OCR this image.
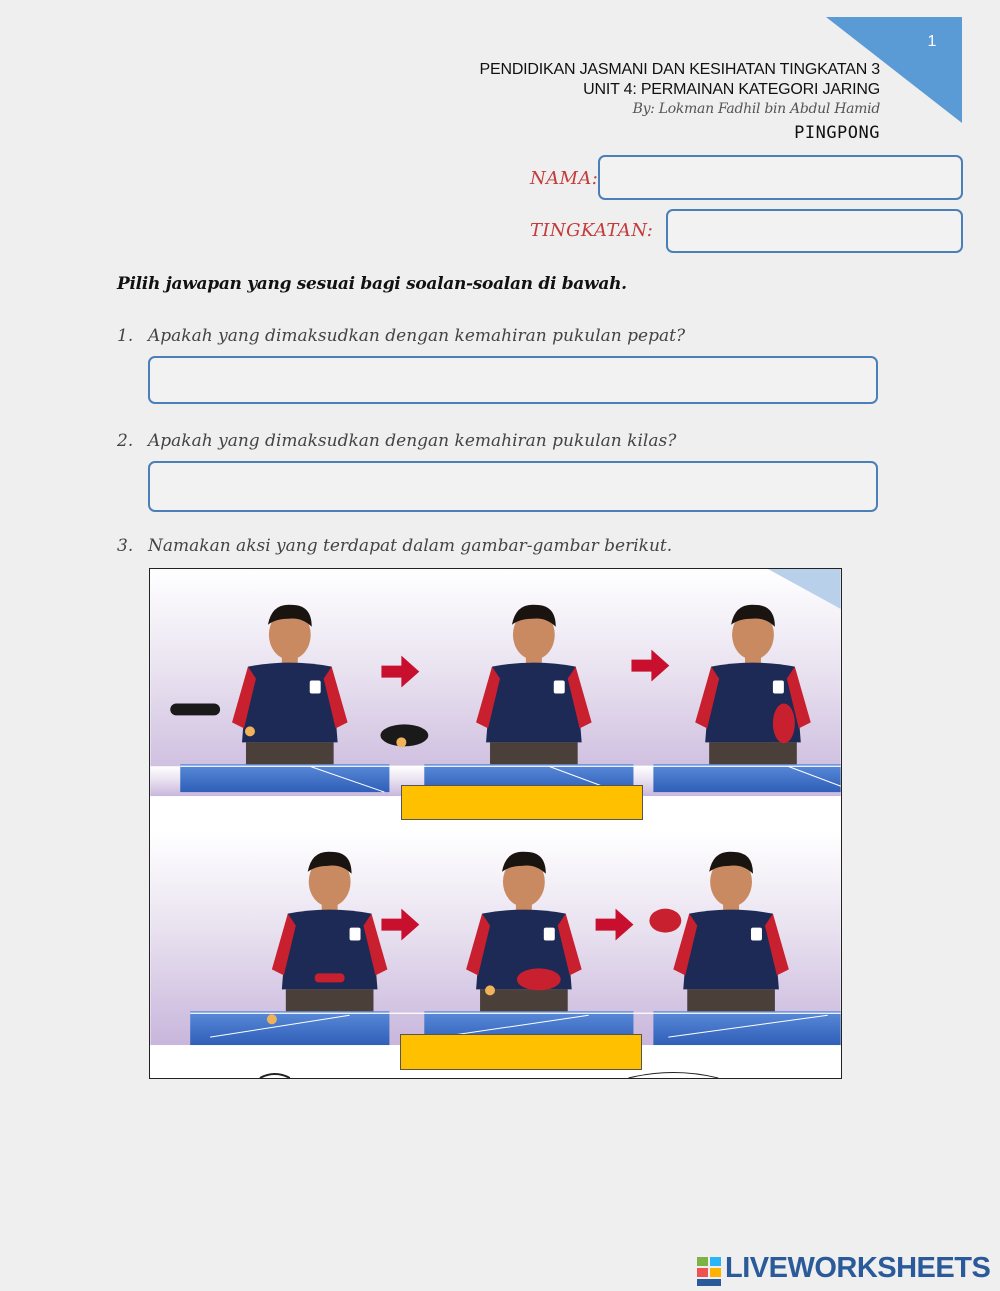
1
PENDIDIKAN JASMANI DAN KESIHATAN TINGKATAN 3
UNIT 4: PERMAINAN KATEGORI JARING
By: Lokman Fadhil bin Abdul Hamid
PINGPONG
NAMA:
TINGKATAN:
Pilih jawapan yang sesuai bagi soalan-soalan di bawah.
1. Apakah yang dimaksudkan dengan kemahiran pukulan pepat?
2. Apakah yang dimaksudkan dengan kemahiran pukulan kilas?
3. Namakan aksi yang terdapat dalam gambar-gambar berikut.
LIVEWORKSHEETS
